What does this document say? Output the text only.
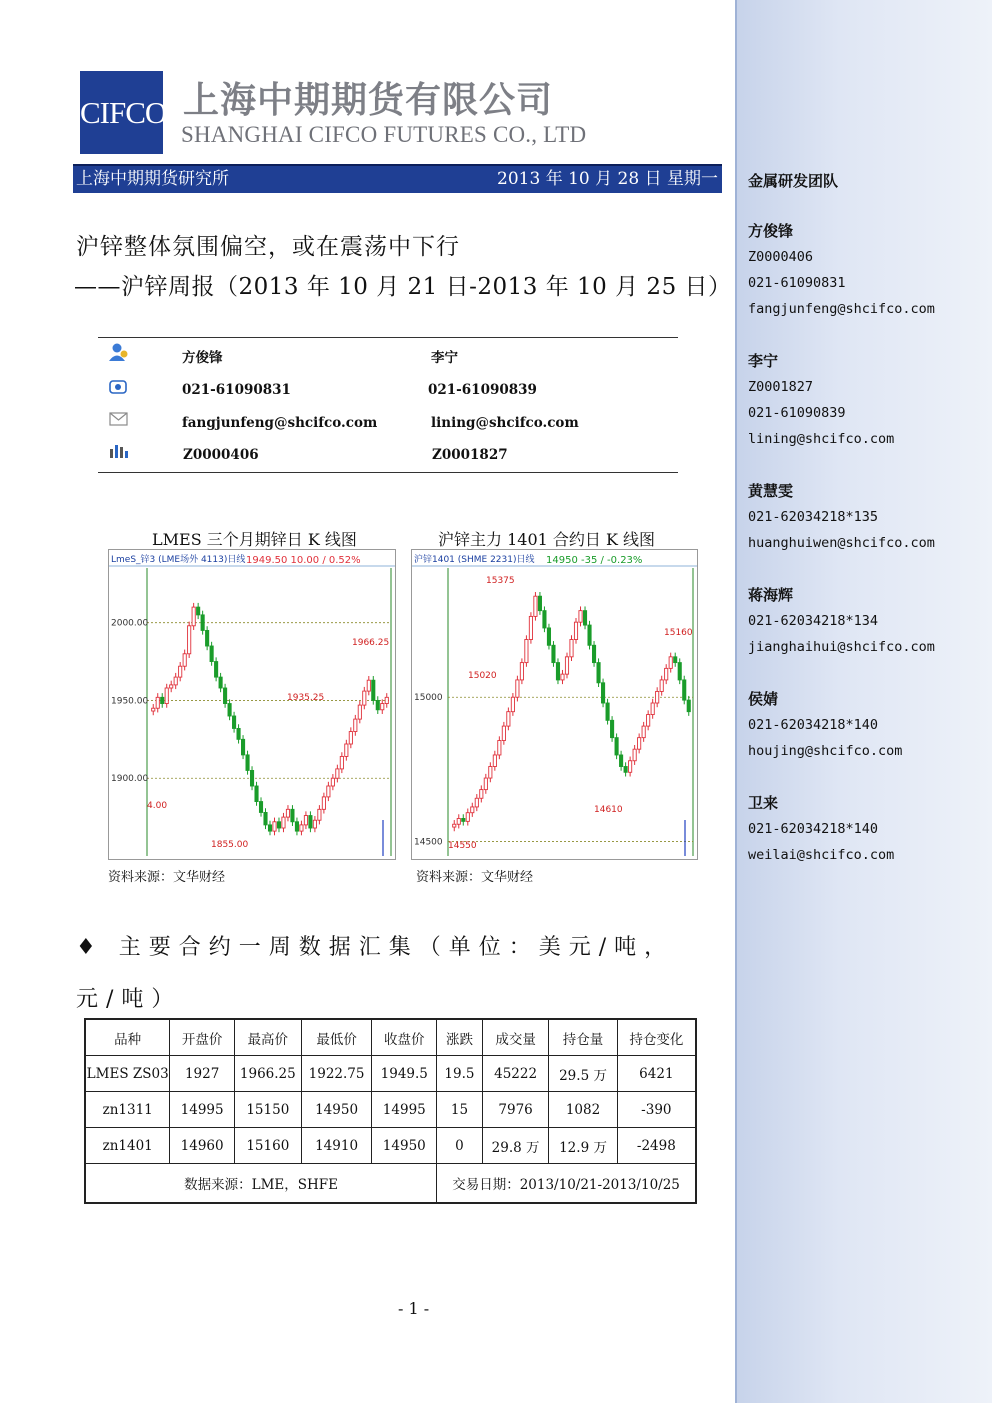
金属研发团队
方俊锋
Z0000406
021-61090831
fangjunfeng@shcifco.com
李宁
Z0001827
021-61090839
lining@shcifco.com
黄慧雯
021-62034218*135
huanghuiwen@shcifco.com
蒋海辉
021-62034218*134
jianghaihui@shcifco.com
侯婧
021-62034218*140
houjing@shcifco.com
卫来
021-62034218*140
weilai@shcifco.com
CIFCO 上海中期期货有限公司
SHANGHAI CIFCO FUTURES CO., LTD
上海中期期货研究所	2013 年 10 月 28 日 星期一
沪锌整体氛围偏空，或在震荡中下行
——沪锌周报（2013 年 10 月 21 日-2013 年 10 月 25 日）
方俊锋	李宁
021-61090831	021-61090839
fangjunfeng@shcifco.com	lining@shcifco.com
Z0000406	Z0001827
LMES 三个月期锌日 K 线图	沪锌主力 1401 合约日 K 线图
LmeS_锌3 (LME场外 4113)日线 1949.50 10.00 / 0.52%
2000.00
1950.00
1900.00
1966.25
1935.25
1855.00
4.00
沪锌1401 (SHME 2231)日线 14950 -35 / -0.23%
15000
14500
15375
15160
15020
14610
14550
资料来源：文华财经	资料来源：文华财经
♦ 主要合约一周数据汇集（单位：美元/吨，元/吨）
品种	开盘价	最高价	最低价	收盘价	涨跌	成交量	持仓量	持仓变化
LMES ZS03	1927	1966.25	1922.75	1949.5	19.5	45222	29.5 万	6421
zn1311	14995	15150	14950	14995	15	7976	1082	-390
zn1401	14960	15160	14910	14950	0	29.8 万	12.9 万	-2498
数据来源：LME，SHFE					交易日期：2013/10/21-2013/10/25			
- 1 -
